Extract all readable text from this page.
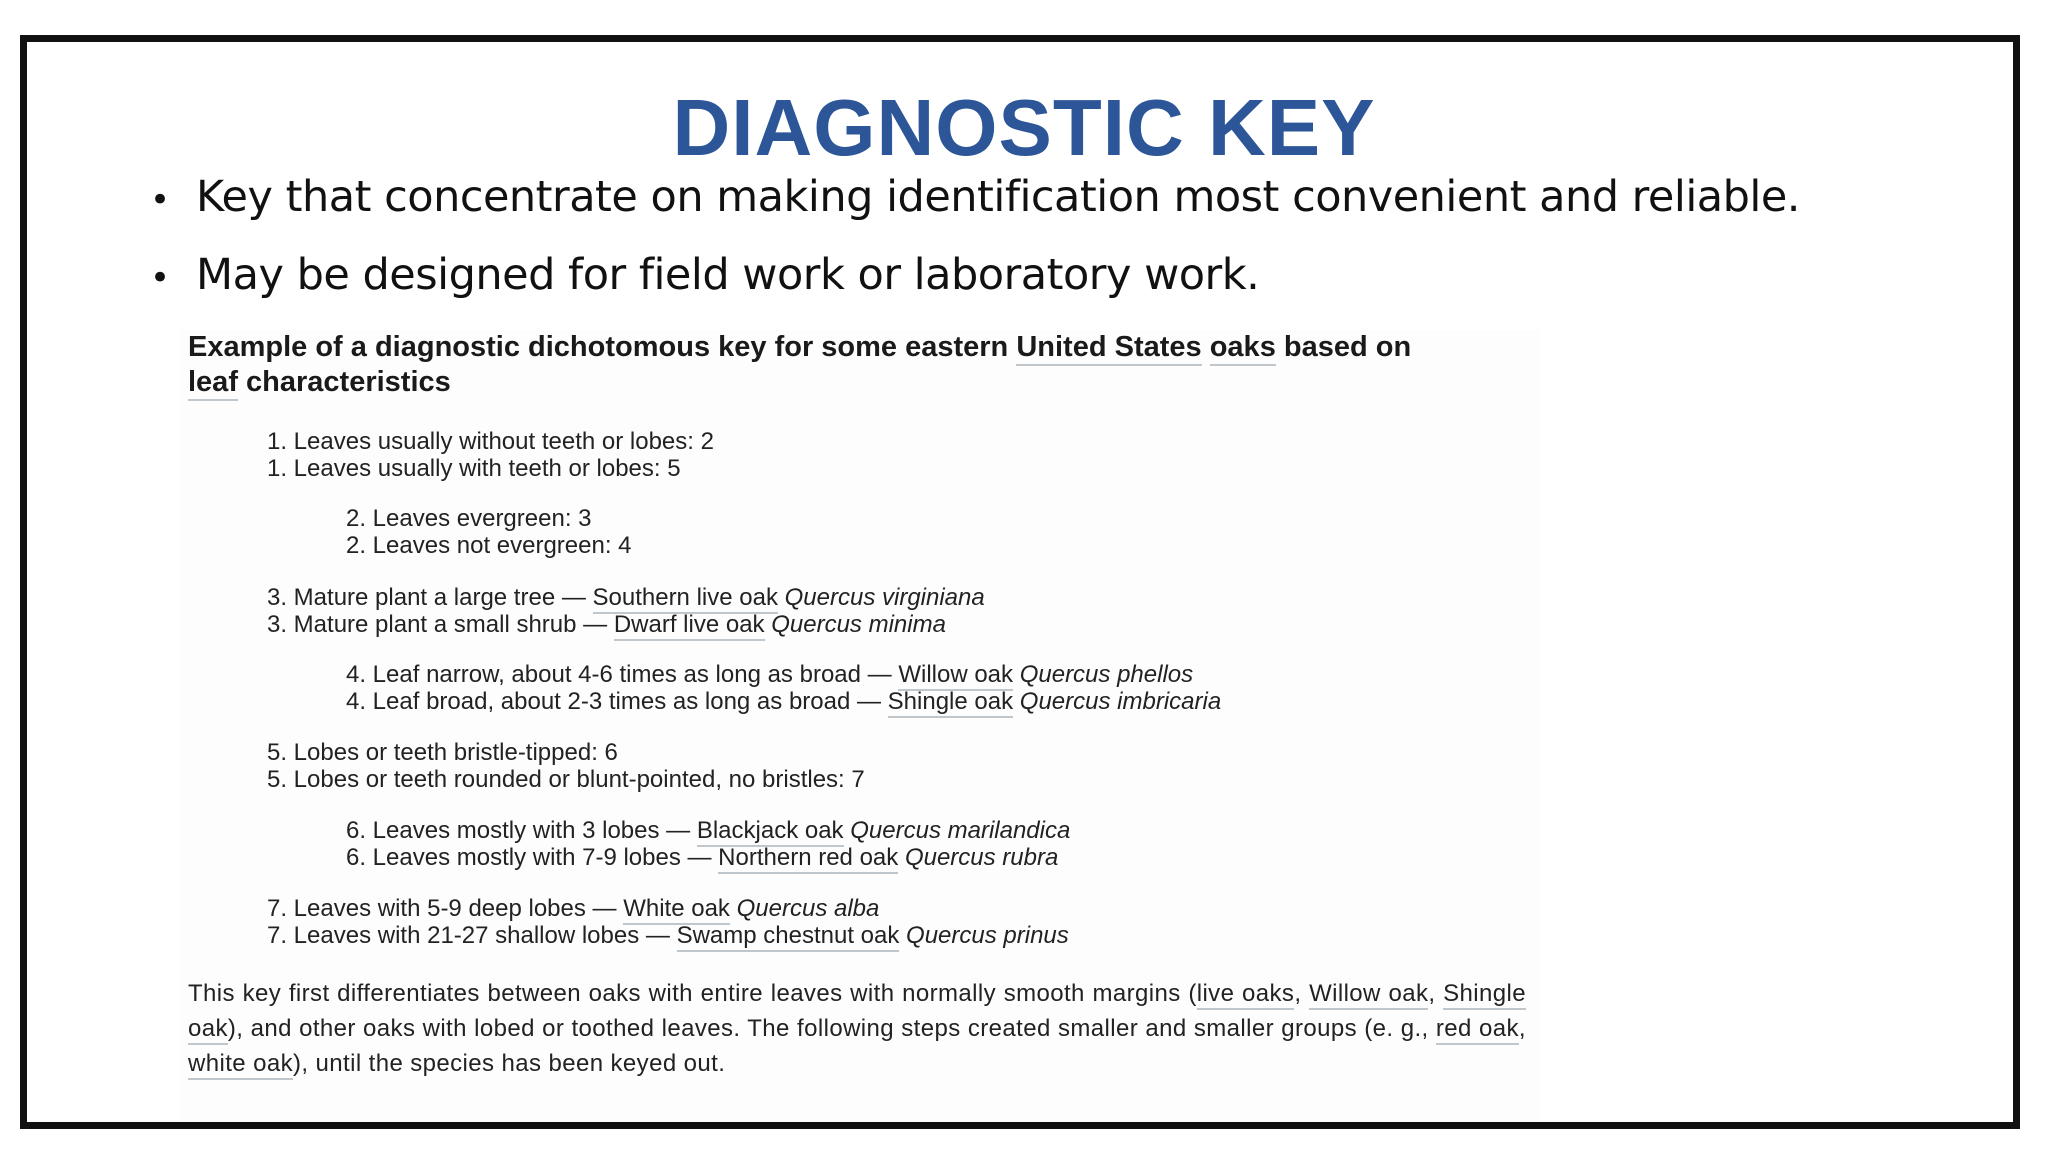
DIAGNOSTIC KEY
• Key that concentrate on making identification most convenient and reliable.
• May be designed for field work or laboratory work.
Example of a diagnostic dichotomous key for some eastern United States oaks based on
leaf characteristics
1. Leaves usually without teeth or lobes: 2
1. Leaves usually with teeth or lobes: 5
2. Leaves evergreen: 3
2. Leaves not evergreen: 4
3. Mature plant a large tree — Southern live oak Quercus virginiana
3. Mature plant a small shrub — Dwarf live oak Quercus minima
4. Leaf narrow, about 4-6 times as long as broad — Willow oak Quercus phellos
4. Leaf broad, about 2-3 times as long as broad — Shingle oak Quercus imbricaria
5. Lobes or teeth bristle-tipped: 6
5. Lobes or teeth rounded or blunt-pointed, no bristles: 7
6. Leaves mostly with 3 lobes — Blackjack oak Quercus marilandica
6. Leaves mostly with 7-9 lobes — Northern red oak Quercus rubra
7. Leaves with 5-9 deep lobes — White oak Quercus alba
7. Leaves with 21-27 shallow lobes — Swamp chestnut oak Quercus prinus
This key first differentiates between oaks with entire leaves with normally smooth margins (live oaks, Willow oak, Shingle oak), and other oaks with lobed or toothed leaves. The following steps created smaller and smaller groups (e. g., red oak, white oak), until the species has been keyed out.
